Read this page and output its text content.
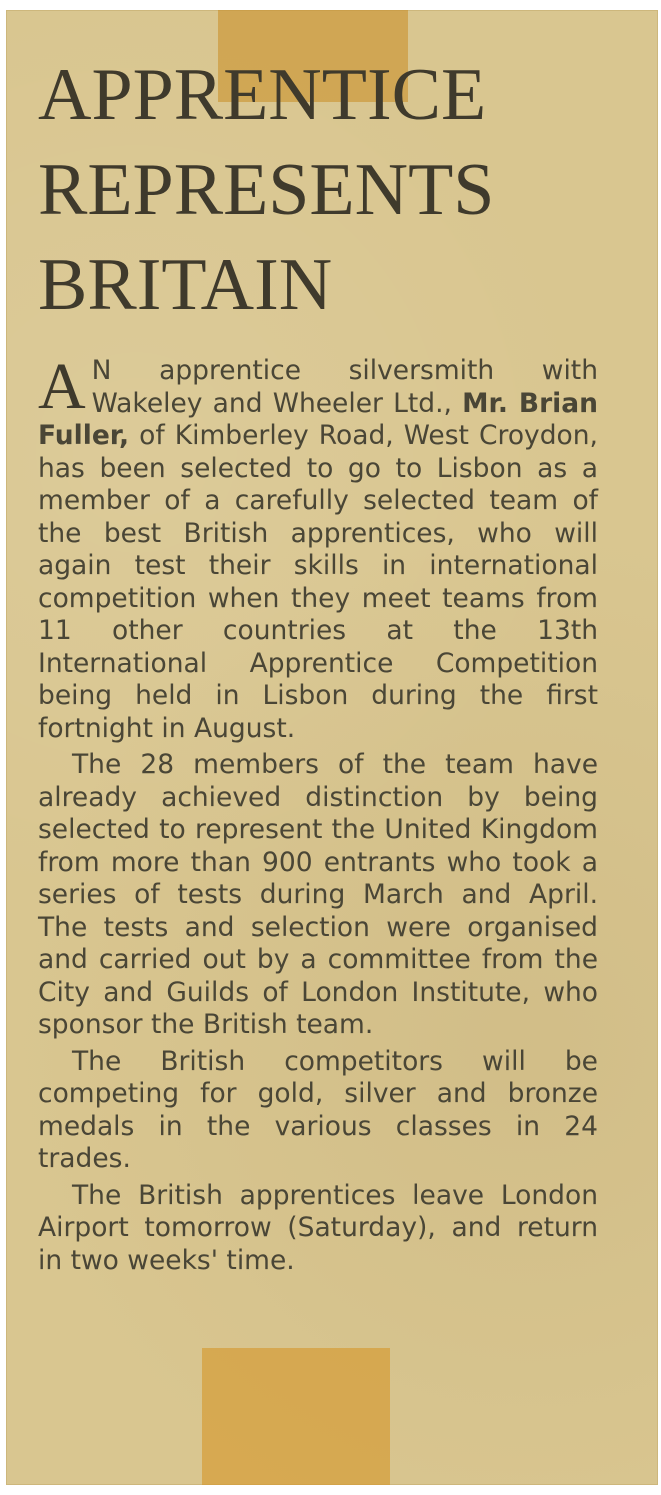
APPRENTICE
REPRESENTS
BRITAIN

A N apprentice silversmith with Wakeley and Wheeler Ltd., Mr. Brian Fuller, of Kimberley Road, West Croydon, has been selected to go to Lisbon as a member of a carefully selected team of the best British apprentices, who will again test their skills in international competition when they meet teams from 11 other countries at the 13th International Apprentice Competition being held in Lisbon during the first fortnight in August.

The 28 members of the team have already achieved distinction by being selected to represent the United Kingdom from more than 900 entrants who took a series of tests during March and April. The tests and selection were organised and carried out by a committee from the City and Guilds of London Institute, who sponsor the British team.

The British competitors will be competing for gold, silver and bronze medals in the various classes in 24 trades.

The British apprentices leave London Airport tomorrow (Saturday), and return in two weeks' time.
